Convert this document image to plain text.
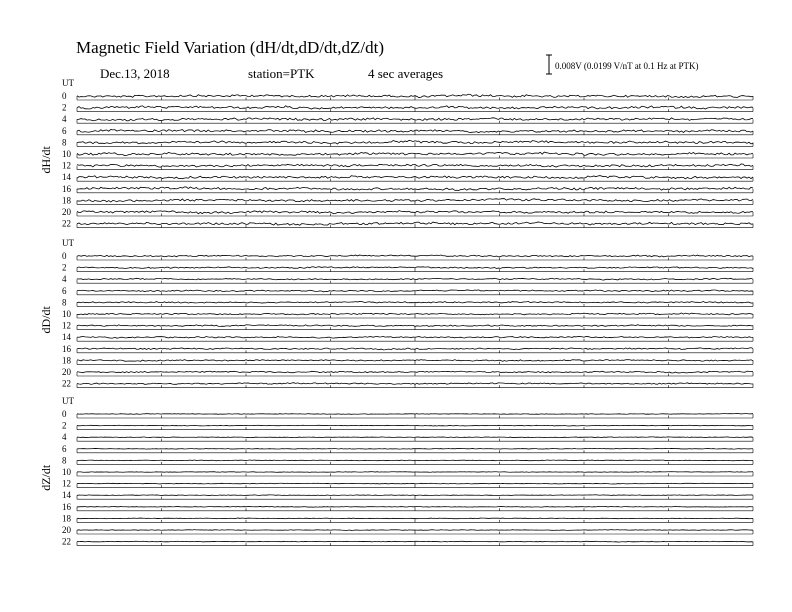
Magnetic Field Variation (dH/dt,dD/dt,dZ/dt)
Dec.13, 2018	station=PTK	4 sec averages	0.008V (0.0199 V/nT at 0.1 Hz at PTK)
UT
dH/dt
0
2
4
6
8
10
12
14
16
18
20
22
UT
dD/dt
0
2
4
6
8
10
12
14
16
18
20
22
UT
dZ/dt
0
2
4
6
8
10
12
14
16
18
20
22
